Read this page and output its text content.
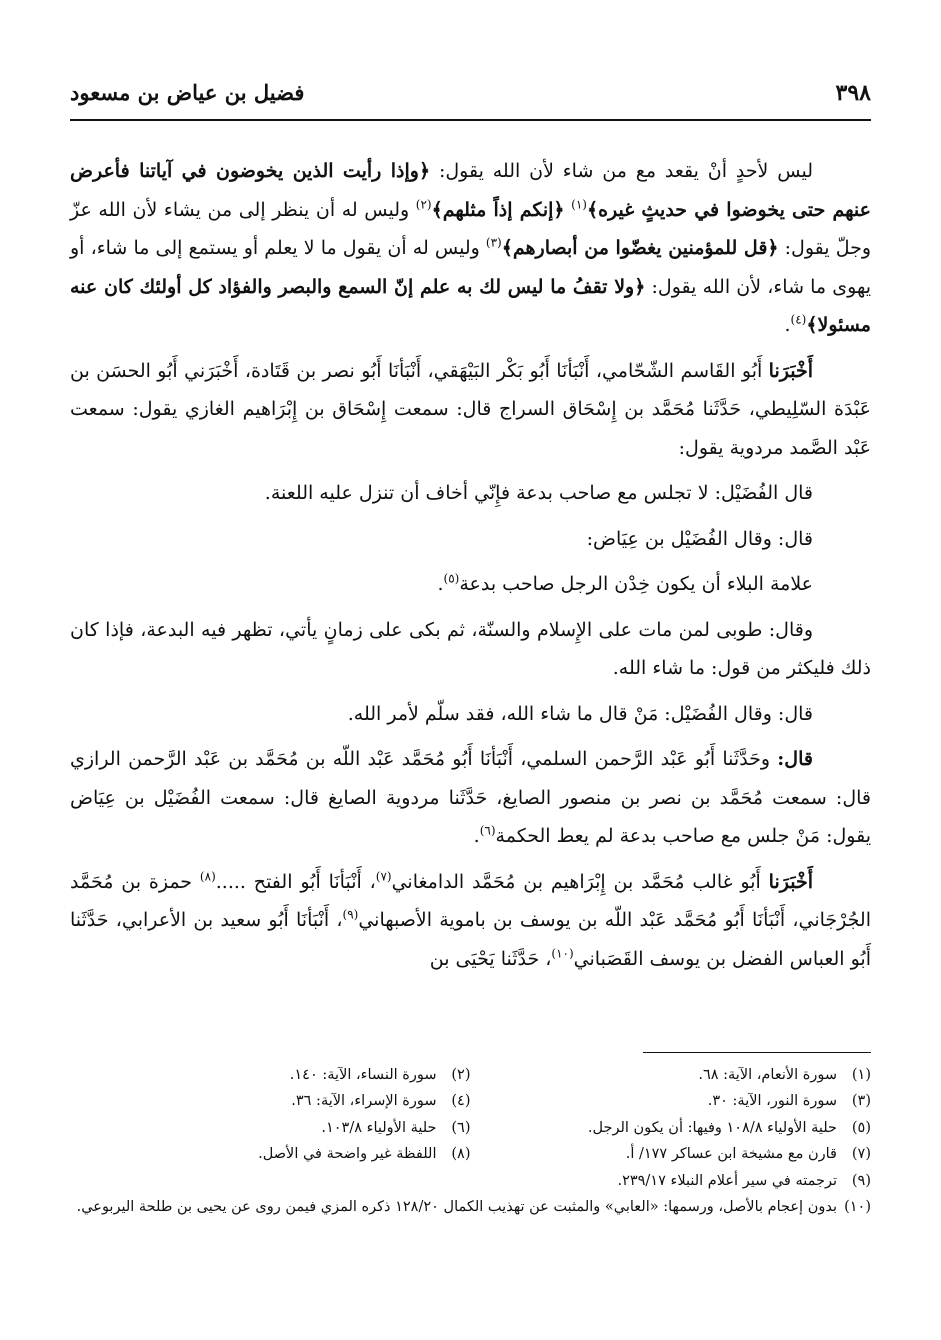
٣٩٨
فضيل بن عياض بن مسعود

ليس لأحدٍ أنْ يقعد مع من شاء لأن الله يقول: ﴿وإذا رأيت الذين يخوضون في آياتنا فأعرض عنهم حتى يخوضوا في حديثٍ غيره﴾$^{(١)}$ ﴿إنكم إذاً مثلهم﴾$^{(٢)}$ وليس له أن ينظر إلى من يشاء لأن الله عزّ وجلّ يقول: ﴿قل للمؤمنين يغضّوا من أبصارهم﴾$^{(٣)}$ وليس له أن يقول ما لا يعلم أو يستمع إلى ما شاء، أو يهوى ما شاء، لأن الله يقول: ﴿ولا تقفُ ما ليس لك به علم إنّ السمع والبصر والفؤاد كل أولئك كان عنه مسئولا﴾$^{(٤)}$.

أَخْبَرَنا أَبُو القَاسم الشّحّامي، أَنْبَأنَا أَبُو بَكْر البَيْهَقي، أَنْبَأنَا أَبُو نصر بن قَتَادة، أَخْبَرَني أَبُو الحسَن بن عَبْدَة السّلِيطي، حَدَّثَنا مُحَمَّد بن إِسْحَاق السراج قال: سمعت إِسْحَاق بن إِبْرَاهيم الغازي يقول: سمعت عَبْد الصَّمد مردوية يقول:

قال الفُضَيْل: لا تجلس مع صاحب بدعة فإِنّي أخاف أن تنزل عليه اللعنة.

قال: وقال الفُضَيْل بن عِيَاض:

علامة البلاء أن يكون خِدْن الرجل صاحب بدعة$^{(٥)}$.

وقال: طوبى لمن مات على الإِسلام والسنّة، ثم بكى على زمانٍ يأتي، تظهر فيه البدعة، فإذا كان ذلك فليكثر من قول: ما شاء الله.

قال: وقال الفُضَيْل: مَنْ قال ما شاء الله، فقد سلّم لأمر الله.

قال: وحَدَّثَنا أَبُو عَبْد الرَّحمن السلمي، أَنْبَأنَا أَبُو مُحَمَّد عَبْد اللّه بن مُحَمَّد بن عَبْد الرَّحمن الرازي قال: سمعت مُحَمَّد بن نصر بن منصور الصايغ، حَدَّثَنا مردوية الصايغ قال: سمعت الفُضَيْل بن عِيَاض يقول: مَنْ جلس مع صاحب بدعة لم يعط الحكمة$^{(٦)}$.

أَخْبَرَنا أَبُو غالب مُحَمَّد بن إِبْرَاهيم بن مُحَمَّد الدامغاني$^{(٧)}$، أَنْبَأنَا أَبُو الفتح .....$^{(٨)}$ حمزة بن مُحَمَّد الجُرْجَاني، أَنْبَأنَا أَبُو مُحَمَّد عَبْد اللّه بن يوسف بن باموية الأصبهاني$^{(٩)}$، أَنْبَأنَا أَبُو سعيد بن الأعرابي، حَدَّثَنا أَبُو العباس الفضل بن يوسف القَصَباني$^{(١٠)}$، حَدَّثَنا يَحْيَى بن

(١)سورة الأنعام، الآية: ٦٨.
(٢)سورة النساء، الآية: ١٤٠.
(٣)سورة النور، الآية: ٣٠.
(٤)سورة الإسراء، الآية: ٣٦.
(٥)حلية الأولياء ١٠٨/٨ وفيها: أن يكون الرجل.
(٦)حلية الأولياء ١٠٣/٨.
(٧)قارن مع مشيخة ابن عساكر ١٧٧/ أ.
(٨)اللفظة غير واضحة في الأصل.
(٩)ترجمته في سير أعلام النبلاء ٢٣٩/١٧.
(١٠)بدون إعجام بالأصل، ورسمها: «العابي» والمثبت عن تهذيب الكمال ١٢٨/٢٠ ذكره المزي فيمن روى عن يحيى بن طلحة اليربوعي.
